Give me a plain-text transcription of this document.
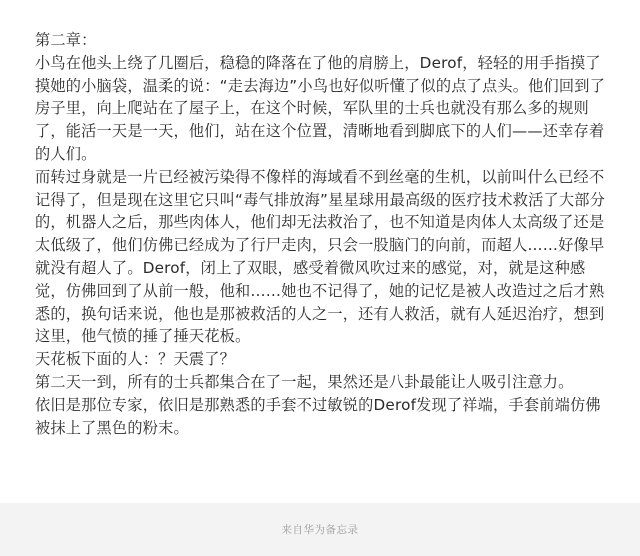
第二章：

小鸟在他头上绕了几圈后，稳稳的降落在了他的肩膀上，Derof，轻轻的用手指摸了摸她的小脑袋，温柔的说：“走去海边”小鸟也好似听懂了似的点了点头。他们回到了房子里，向上爬站在了屋子上，在这个时候，军队里的士兵也就没有那么多的规则了，能活一天是一天，他们，站在这个位置，清晰地看到脚底下的人们——还幸存着的人们。

而转过身就是一片已经被污染得不像样的海域看不到丝毫的生机，以前叫什么已经不记得了，但是现在这里它只叫“毒气排放海”星星球用最高级的医疗技术救活了大部分的，机器人之后，那些肉体人，他们却无法救治了，也不知道是肉体人太高级了还是太低级了，他们仿佛已经成为了行尸走肉，只会一股脑门的向前，而超人……好像早就没有超人了。Derof，闭上了双眼，感受着微风吹过来的感觉，对，就是这种感觉，仿佛回到了从前一般，他和……她也不记得了，她的记忆是被人改造过之后才熟悉的，换句话来说，他也是那被救活的人之一，还有人救活，就有人延迟治疗，想到这里，他气愤的捶了捶天花板。

天花板下面的人：？天震了？

第二天一到，所有的士兵都集合在了一起，果然还是八卦最能让人吸引注意力。

依旧是那位专家，依旧是那熟悉的手套不过敏锐的Derof发现了祥端，手套前端仿佛被抹上了黑色的粉末。

来自华为备忘录
